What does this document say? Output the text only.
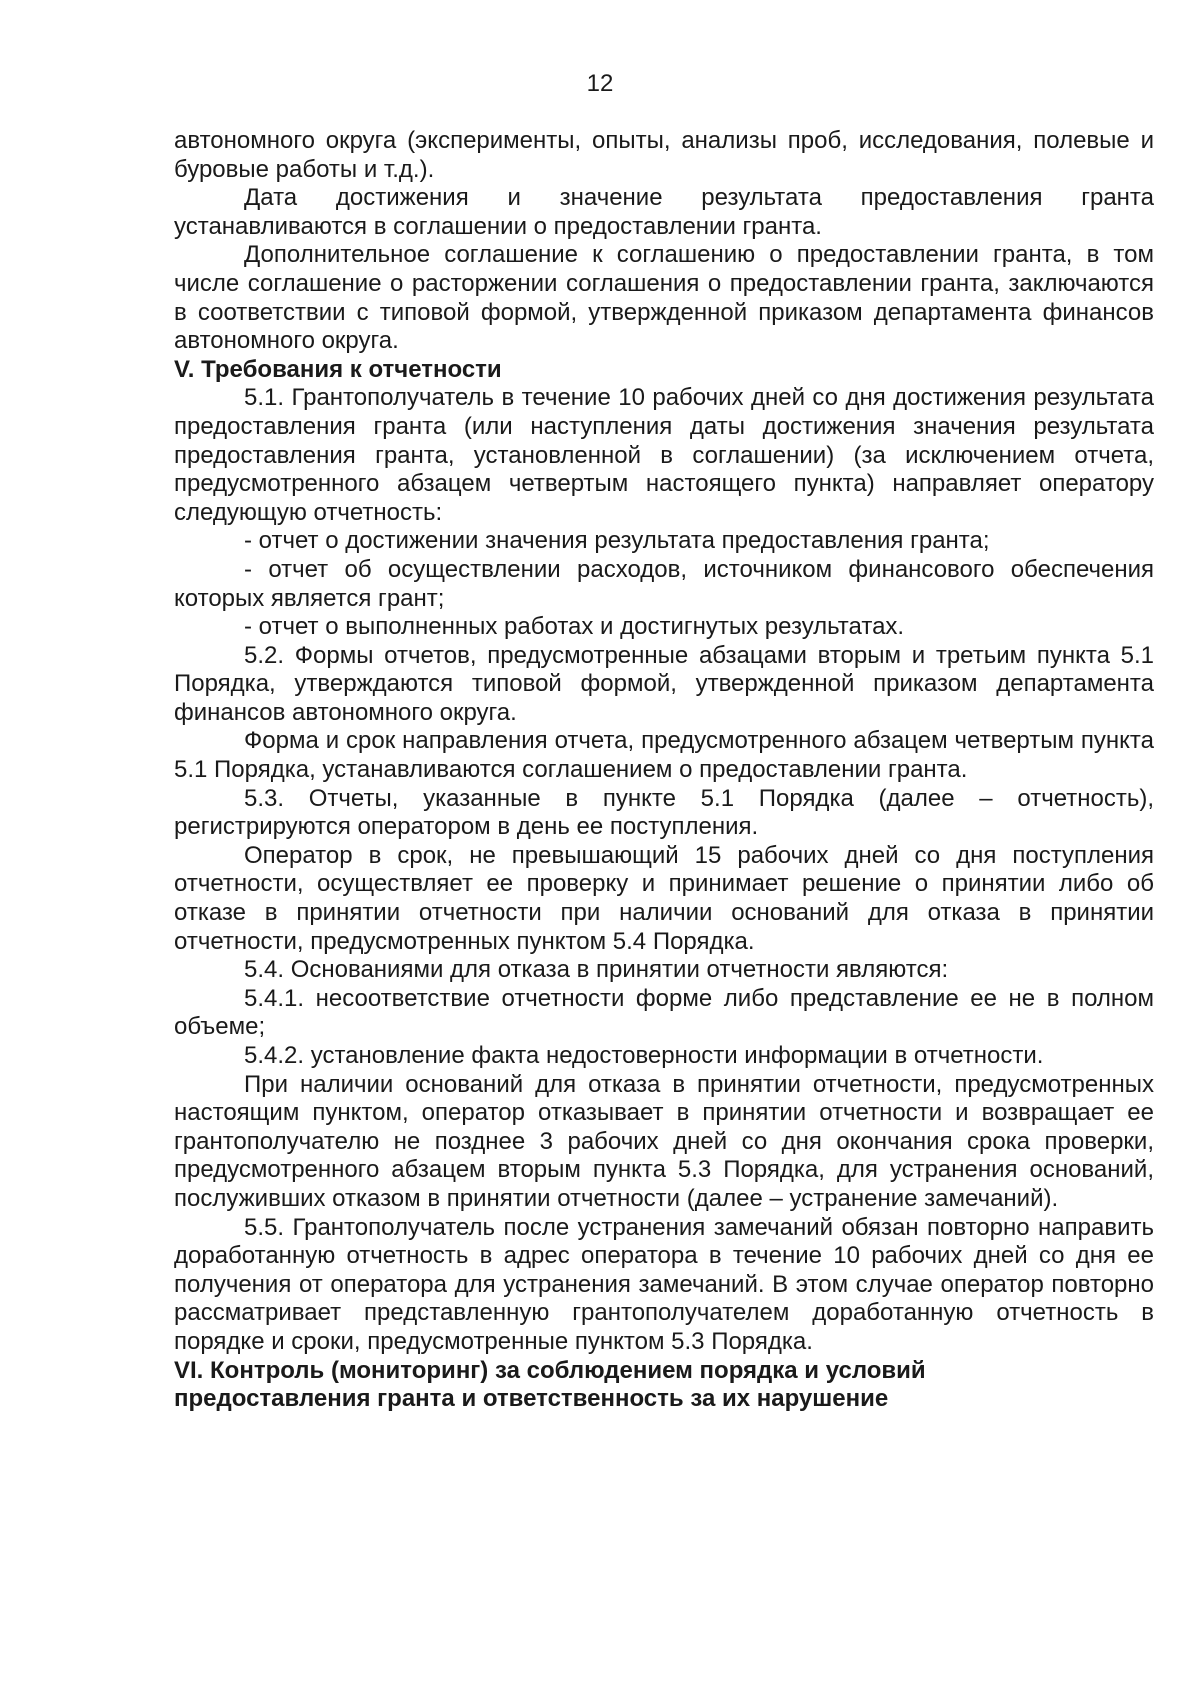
12

автономного округа (эксперименты, опыты, анализы проб, исследования, полевые и буровые работы и т.д.).

Дата достижения и значение результата предоставления гранта устанавливаются в соглашении о предоставлении гранта.

Дополнительное соглашение к соглашению о предоставлении гранта, в том числе соглашение о расторжении соглашения о предоставлении гранта, заключаются в соответствии с типовой формой, утвержденной приказом департамента финансов автономного округа.

V. Требования к отчетности

5.1. Грантополучатель в течение 10 рабочих дней со дня достижения результата предоставления гранта (или наступления даты достижения значения результата предоставления гранта, установленной в соглашении) (за исключением отчета, предусмотренного абзацем четвертым настоящего пункта) направляет оператору следующую отчетность:

- отчет о достижении значения результата предоставления гранта;

- отчет об осуществлении расходов, источником финансового обеспечения которых является грант;

- отчет о выполненных работах и достигнутых результатах.

5.2. Формы отчетов, предусмотренные абзацами вторым и третьим пункта 5.1 Порядка, утверждаются типовой формой, утвержденной приказом департамента финансов автономного округа.

Форма и срок направления отчета, предусмотренного абзацем четвертым пункта 5.1 Порядка, устанавливаются соглашением о предоставлении гранта.

5.3. Отчеты, указанные в пункте 5.1 Порядка (далее – отчетность), регистрируются оператором в день ее поступления.

Оператор в срок, не превышающий 15 рабочих дней со дня поступления отчетности, осуществляет ее проверку и принимает решение о принятии либо об отказе в принятии отчетности при наличии оснований для отказа в принятии отчетности, предусмотренных пунктом 5.4 Порядка.

5.4. Основаниями для отказа в принятии отчетности являются:

5.4.1. несоответствие отчетности форме либо представление ее не в полном объеме;

5.4.2. установление факта недостоверности информации в отчетности.

При наличии оснований для отказа в принятии отчетности, предусмотренных настоящим пунктом, оператор отказывает в принятии отчетности и возвращает ее грантополучателю не позднее 3 рабочих дней со дня окончания срока проверки, предусмотренного абзацем вторым пункта 5.3 Порядка, для устранения оснований, послуживших отказом в принятии отчетности (далее – устранение замечаний).

5.5. Грантополучатель после устранения замечаний обязан повторно направить доработанную отчетность в адрес оператора в течение 10 рабочих дней со дня ее получения от оператора для устранения замечаний. В этом случае оператор повторно рассматривает представленную грантополучателем доработанную отчетность в порядке и сроки, предусмотренные пунктом 5.3 Порядка.

VI. Контроль (мониторинг) за соблюдением порядка и условий
предоставления гранта и ответственность за их нарушение
